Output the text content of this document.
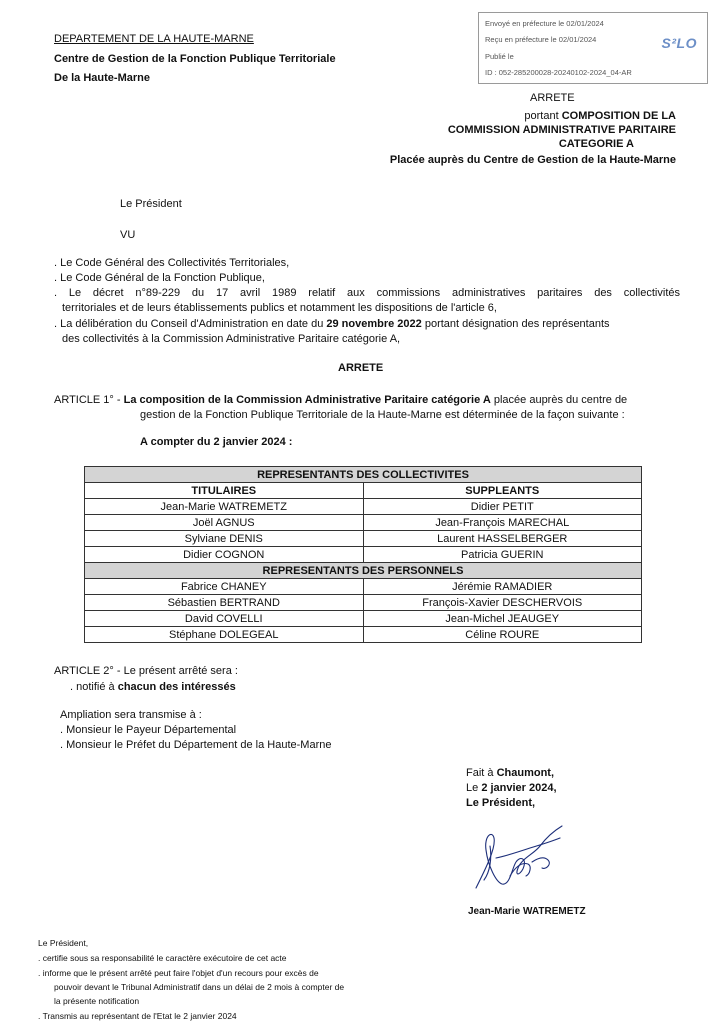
Envoyé en préfecture le 02/01/2024
Reçu en préfecture le 02/01/2024
Publié le
ID : 052-285200028-20240102-2024_04-AR
S²LO
DEPARTEMENT DE LA HAUTE-MARNE
Centre de Gestion de la Fonction Publique Territoriale
De la Haute-Marne
ARRETE
portant COMPOSITION DE LA
COMMISSION ADMINISTRATIVE PARITAIRE
CATEGORIE A
Placée auprès du Centre de Gestion de la Haute-Marne
Le Président
VU
. Le Code Général des Collectivités Territoriales,
. Le Code Général de la Fonction Publique,
. Le décret n°89-229 du 17 avril 1989 relatif aux commissions administratives paritaires des collectivités
territoriales et de leurs établissements publics et notamment les dispositions de l'article 6,
. La délibération du Conseil d'Administration en date du 29 novembre 2022 portant désignation des représentants
des collectivités à la Commission Administrative Paritaire catégorie A,
ARRETE
ARTICLE 1° - La composition de la Commission Administrative Paritaire catégorie A placée auprès du centre de
gestion de la Fonction Publique Territoriale de la Haute-Marne est déterminée de la façon suivante :
A compter du 2 janvier 2024 :
REPRESENTANTS DES COLLECTIVITES	
TITULAIRES	SUPPLEANTS
Jean-Marie WATREMETZ	Didier PETIT
Joël AGNUS	Jean-François MARECHAL
Sylviane DENIS	Laurent HASSELBERGER
Didier COGNON	Patricia GUERIN
REPRESENTANTS DES PERSONNELS	
Fabrice CHANEY	Jérémie RAMADIER
Sébastien BERTRAND	François-Xavier DESCHERVOIS
David COVELLI	Jean-Michel JEAUGEY
Stéphane DOLEGEAL	Céline ROURE
ARTICLE 2° - Le présent arrêté sera :
. notifié à chacun des intéressés
Ampliation sera transmise à :
. Monsieur le Payeur Départemental
. Monsieur le Préfet du Département de la Haute-Marne
Fait à Chaumont,
Le 2 janvier 2024,
Le Président,
Jean-Marie WATREMETZ
Le Président,
. certifie sous sa responsabilité le caractère exécutoire de cet acte
. informe que le présent arrêté peut faire l'objet d'un recours pour excès de
pouvoir devant le Tribunal Administratif dans un délai de 2 mois à compter de
la présente notification
. Transmis au représentant de l'Etat le 2 janvier 2024
